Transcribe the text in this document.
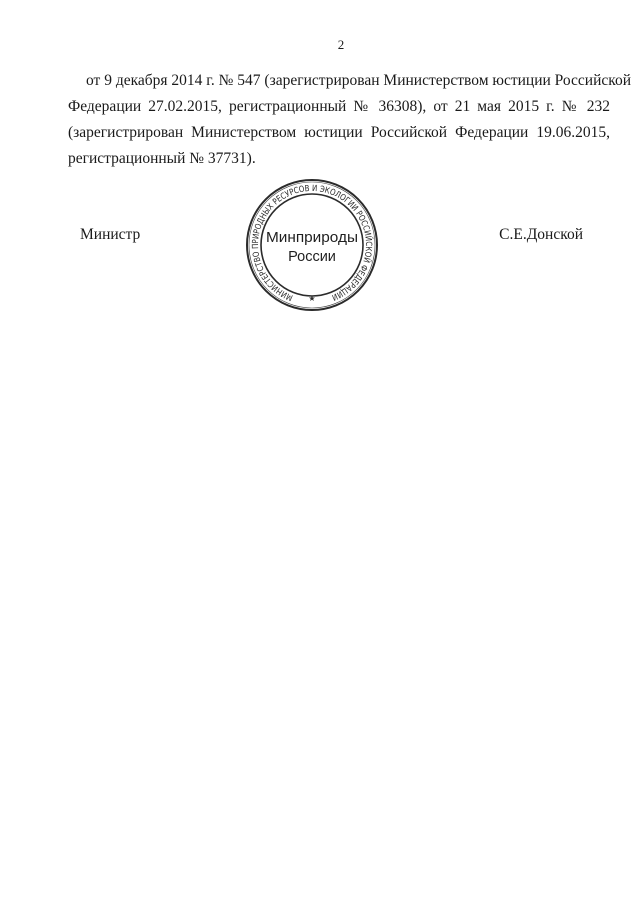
2
от 9 декабря 2014 г. № 547 (зарегистрирован Министерством юстиции Российской
Федерации 27.02.2015, регистрационный № 36308), от 21 мая 2015 г. № 232
(зарегистрирован Министерством юстиции Российской Федерации 19.06.2015,
регистрационный № 37731).
Министр	С.Е.Донской
МИНИСТЕРСТВО ПРИРОДНЫХ РЕСУРСОВ И ЭКОЛОГИИ РОССИЙСКОЙ ФЕДЕРАЦИИ
★
Минприроды
России
